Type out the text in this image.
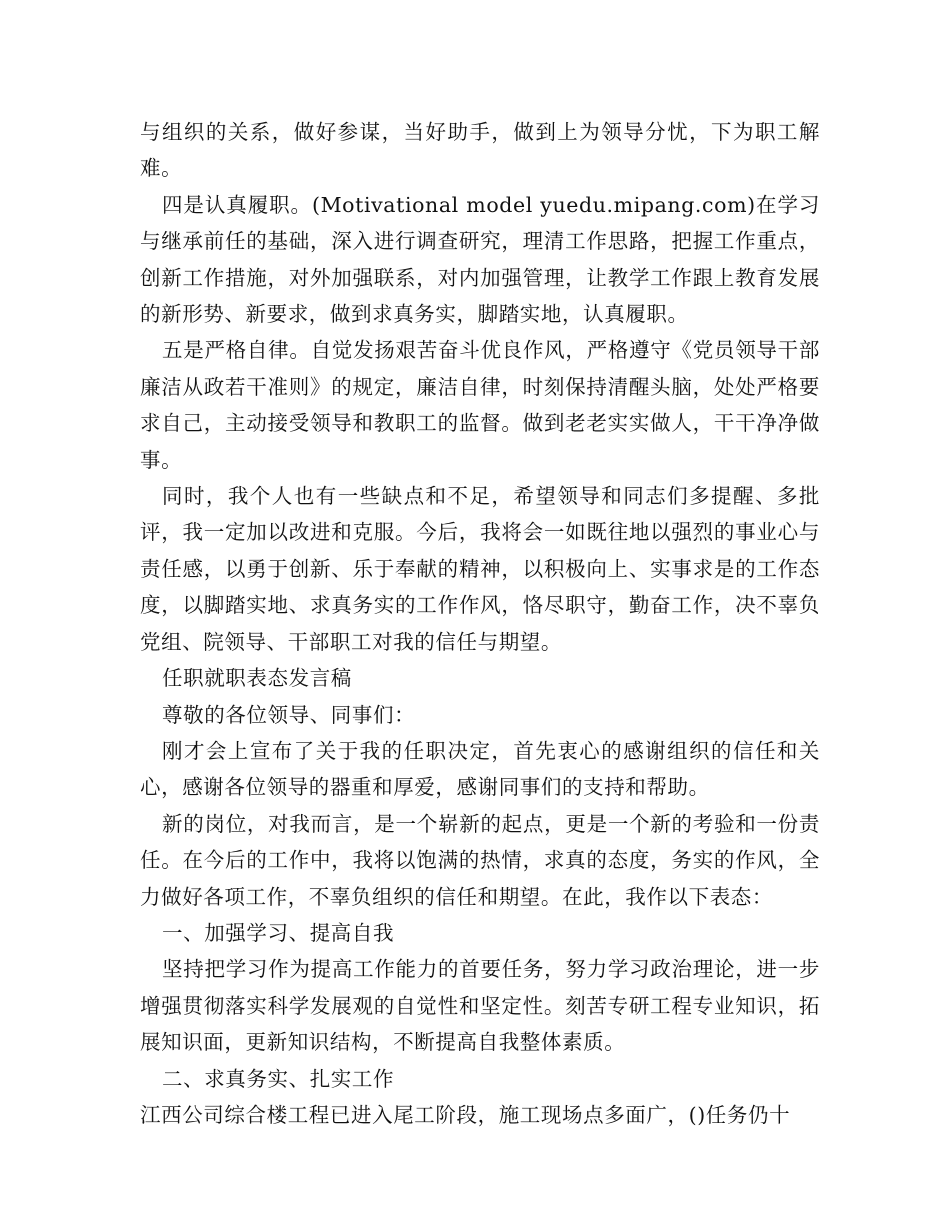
与组织的关系，做好参谋，当好助手，做到上为领导分忧，下为职工解难。

四是认真履职。(Motivational model yuedu.mipang.com)在学习与继承前任的基础，深入进行调查研究，理清工作思路，把握工作重点，创新工作措施，对外加强联系，对内加强管理，让教学工作跟上教育发展的新形势、新要求，做到求真务实，脚踏实地，认真履职。

五是严格自律。自觉发扬艰苦奋斗优良作风，严格遵守《党员领导干部廉洁从政若干准则》的规定，廉洁自律，时刻保持清醒头脑，处处严格要求自己，主动接受领导和教职工的监督。做到老老实实做人，干干净净做事。

同时，我个人也有一些缺点和不足，希望领导和同志们多提醒、多批评，我一定加以改进和克服。今后，我将会一如既往地以强烈的事业心与责任感，以勇于创新、乐于奉献的精神，以积极向上、实事求是的工作态度，以脚踏实地、求真务实的工作作风，恪尽职守，勤奋工作，决不辜负党组、院领导、干部职工对我的信任与期望。

任职就职表态发言稿

尊敬的各位领导、同事们：

刚才会上宣布了关于我的任职决定，首先衷心的感谢组织的信任和关心，感谢各位领导的器重和厚爱，感谢同事们的支持和帮助。

新的岗位，对我而言，是一个崭新的起点，更是一个新的考验和一份责任。在今后的工作中，我将以饱满的热情，求真的态度，务实的作风，全力做好各项工作，不辜负组织的信任和期望。在此，我作以下表态：

一、加强学习、提高自我

坚持把学习作为提高工作能力的首要任务，努力学习政治理论，进一步增强贯彻落实科学发展观的自觉性和坚定性。刻苦专研工程专业知识，拓展知识面，更新知识结构，不断提高自我整体素质。

二、求真务实、扎实工作

江西公司综合楼工程已进入尾工阶段，施工现场点多面广，()任务仍十
